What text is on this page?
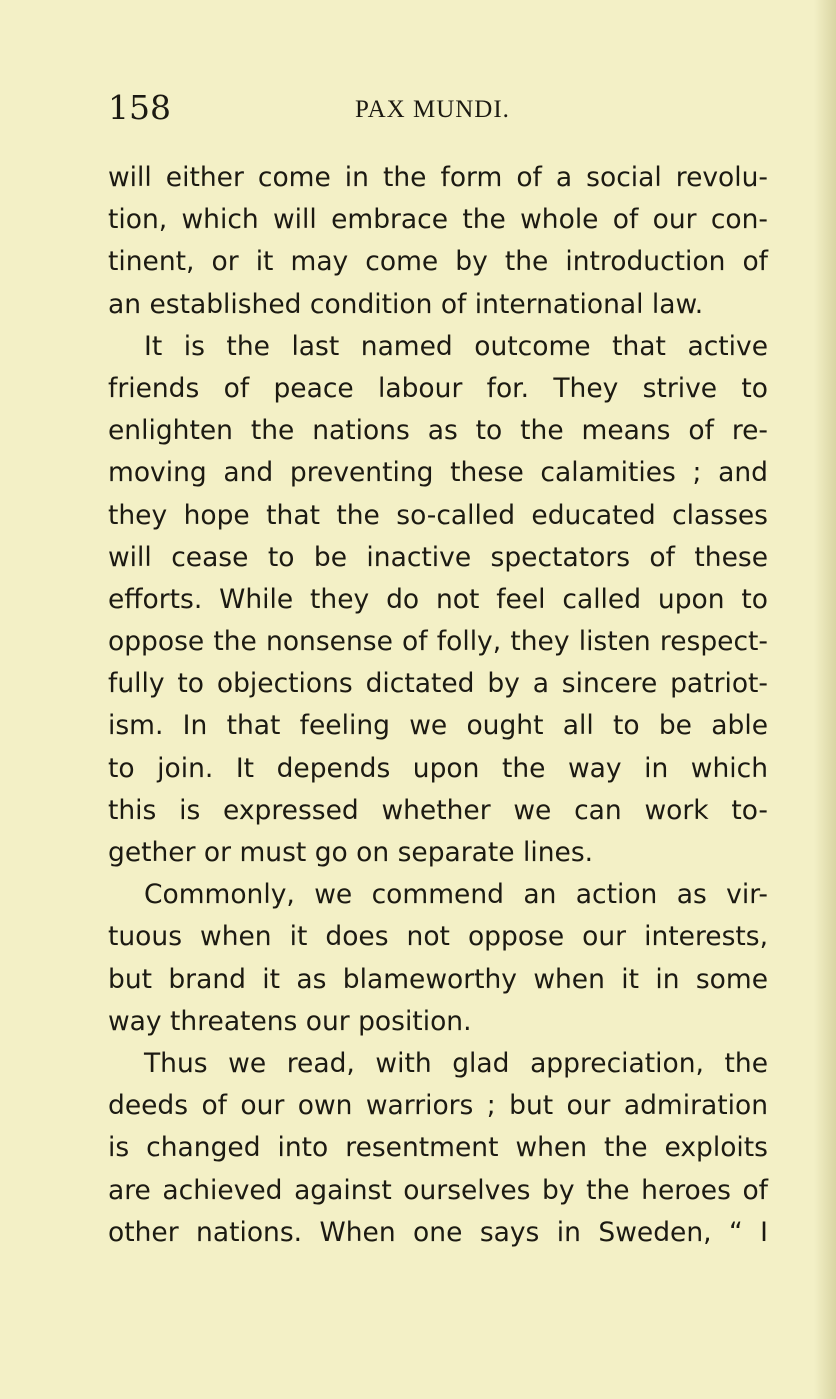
158	PAX MUNDI.
will either come in the form of a social revolu-
tion, which will embrace the whole of our con-
tinent, or it may come by the introduction of
an established condition of international law.
It is the last named outcome that active
friends of peace labour for. They strive to
enlighten the nations as to the means of re-
moving and preventing these calamities ; and
they hope that the so-called educated classes
will cease to be inactive spectators of these
efforts. While they do not feel called upon to
oppose the nonsense of folly, they listen respect-
fully to objections dictated by a sincere patriot-
ism. In that feeling we ought all to be able
to join. It depends upon the way in which
this is expressed whether we can work to-
gether or must go on separate lines.
Commonly, we commend an action as vir-
tuous when it does not oppose our interests,
but brand it as blameworthy when it in some
way threatens our position.
Thus we read, with glad appreciation, the
deeds of our own warriors ; but our admiration
is changed into resentment when the exploits
are achieved against ourselves by the heroes of
other nations. When one says in Sweden, “ I
